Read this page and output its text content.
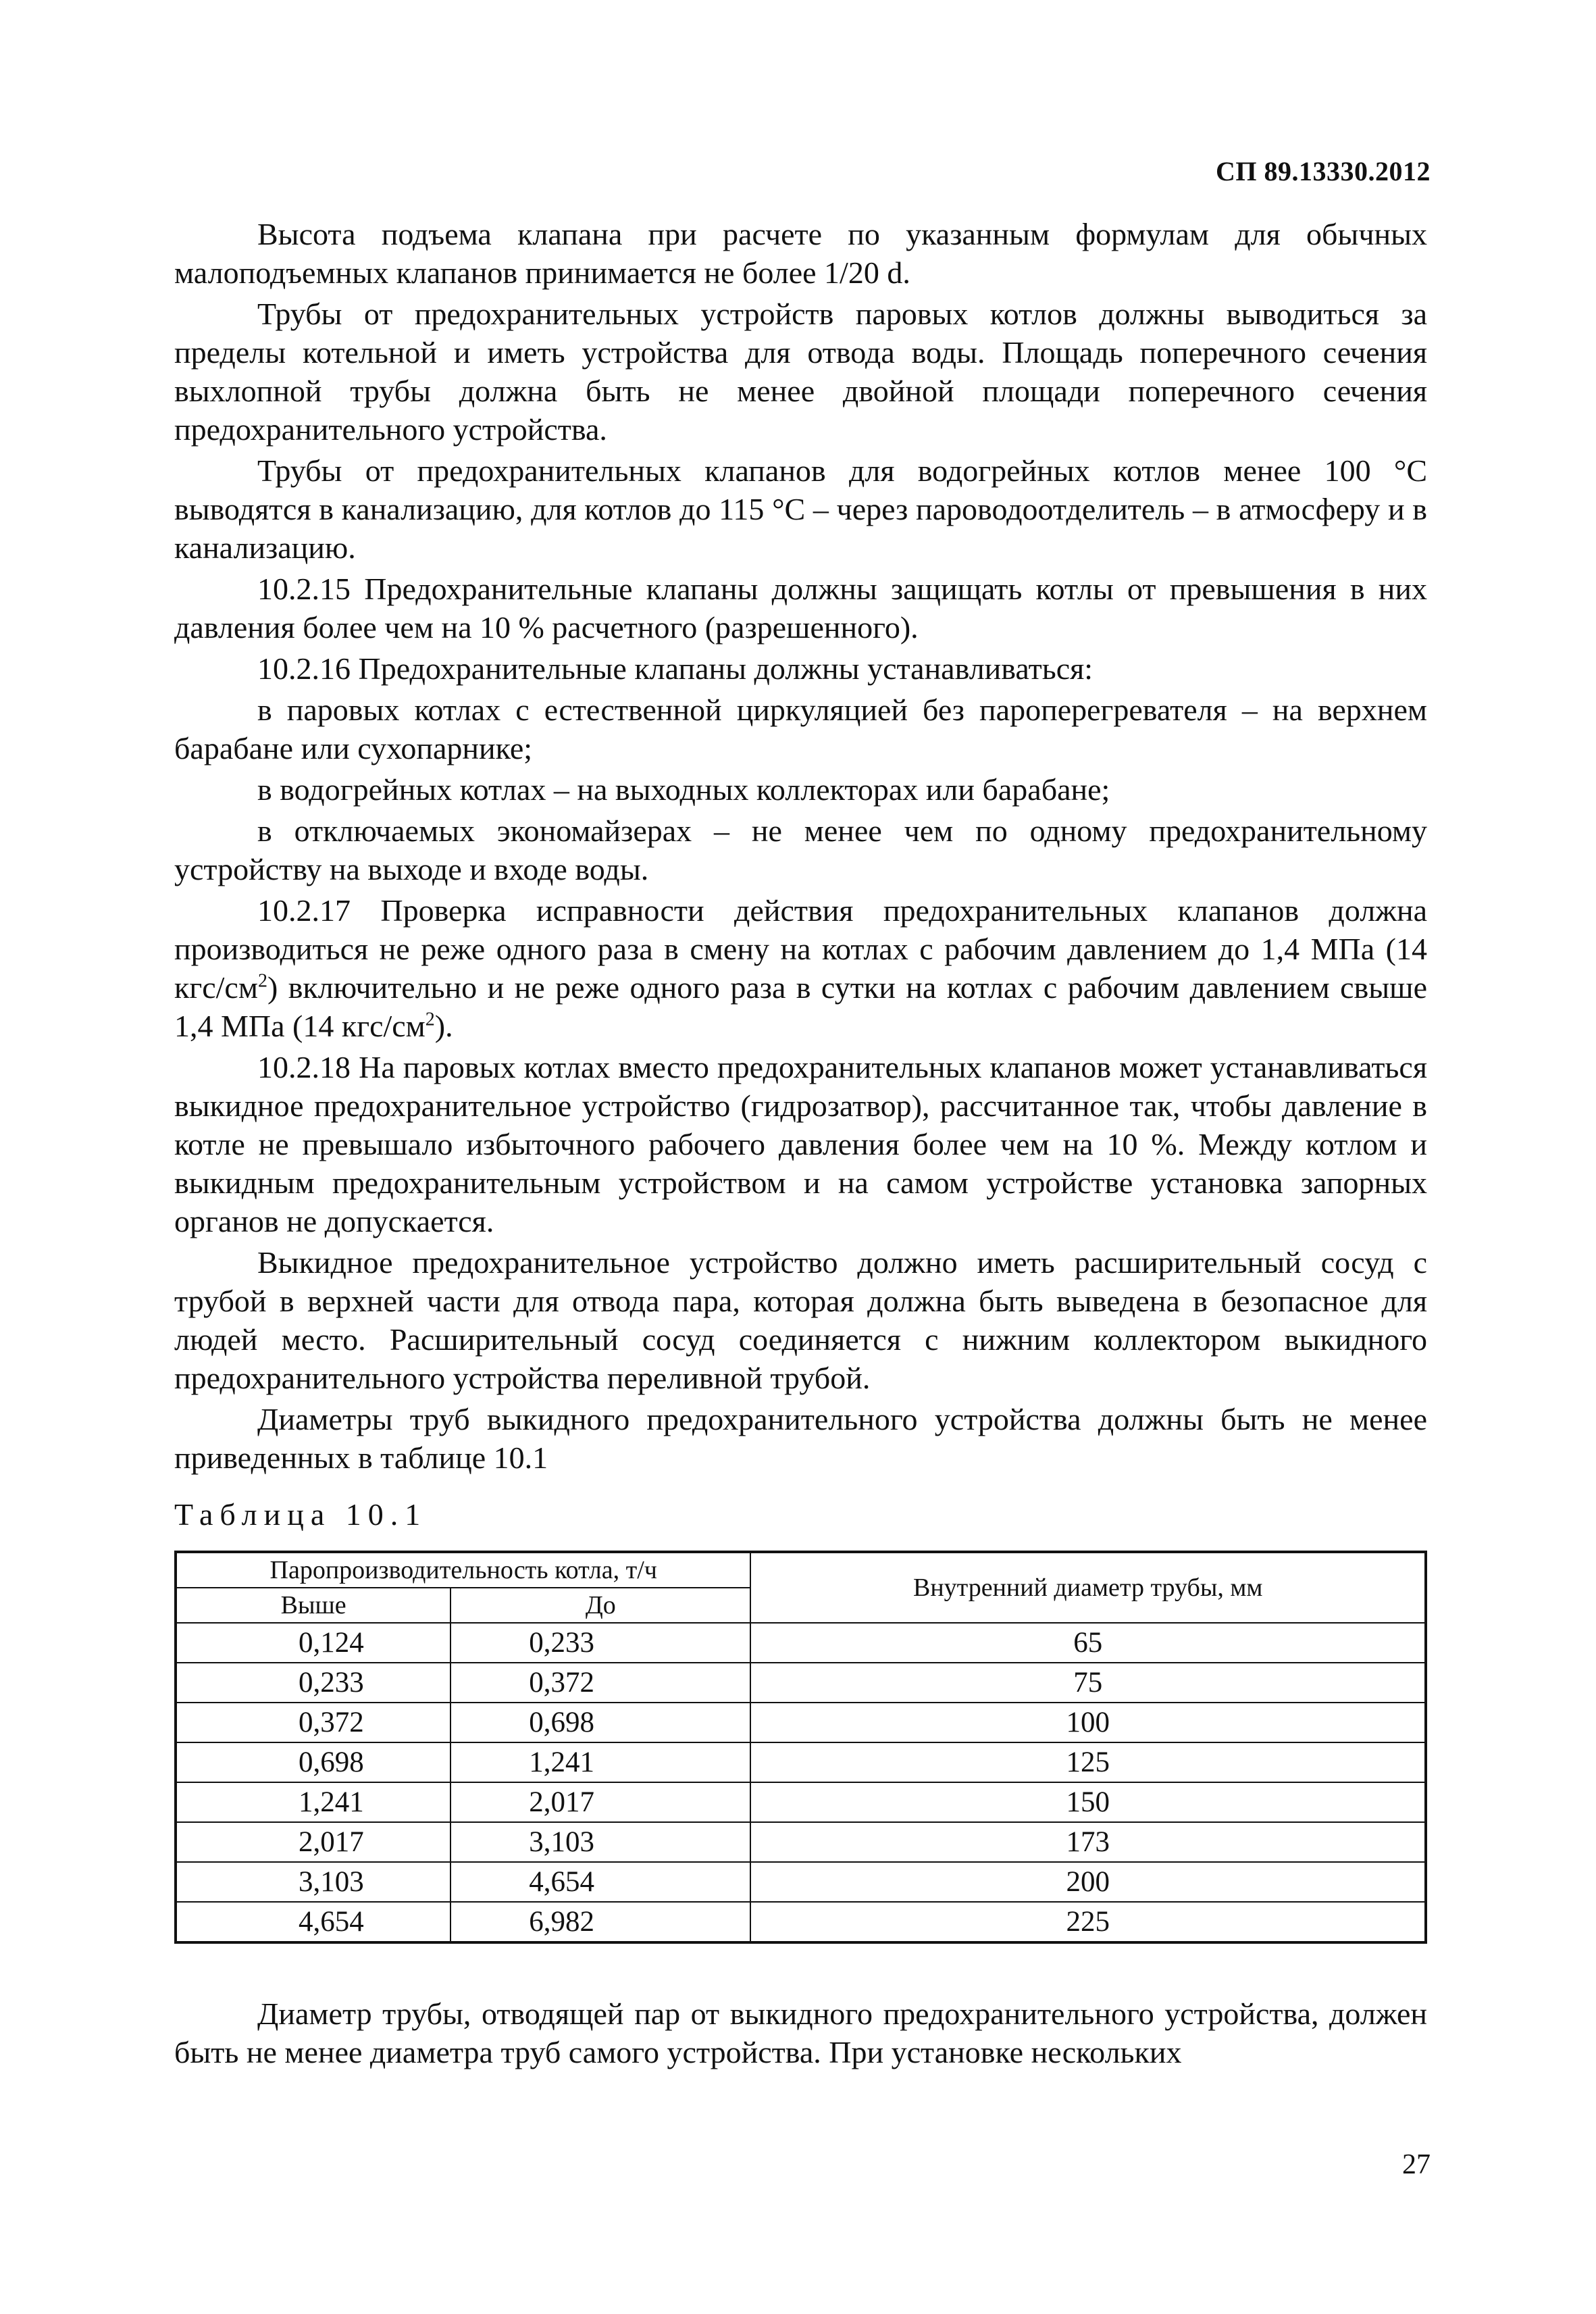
СП 89.13330.2012

Высота подъема клапана при расчете по указанным формулам для обычных малоподъемных клапанов принимается не более 1/20 d.

Трубы от предохранительных устройств паровых котлов должны выводиться за пределы котельной и иметь устройства для отвода воды. Площадь поперечного сечения выхлопной трубы должна быть не менее двойной площади поперечного сечения предохранительного устройства.

Трубы от предохранительных клапанов для водогрейных котлов менее 100 °С выводятся в канализацию, для котлов до 115 °С – через пароводоотделитель – в атмосферу и в канализацию.

10.2.15 Предохранительные клапаны должны защищать котлы от превышения в них давления более чем на 10 % расчетного (разрешенного).

10.2.16 Предохранительные клапаны должны устанавливаться:

в паровых котлах с естественной циркуляцией без пароперегревателя – на верхнем барабане или сухопарнике;

в водогрейных котлах – на выходных коллекторах или барабане;

в отключаемых экономайзерах – не менее чем по одному предохранительному устройству на выходе и входе воды.

10.2.17 Проверка исправности действия предохранительных клапанов должна производиться не реже одного раза в смену на котлах с рабочим давлением до 1,4 МПа (14 кгс/$см^2$) включительно и не реже одного раза в сутки на котлах с рабочим давлением свыше 1,4 МПа (14 кгс/$см^2$).

10.2.18 На паровых котлах вместо предохранительных клапанов может устанавливаться выкидное предохранительное устройство (гидрозатвор), рассчитанное так, чтобы давление в котле не превышало избыточного рабочего давления более чем на 10 %. Между котлом и выкидным предохранительным устройством и на самом устройстве установка запорных органов не допускается.

Выкидное предохранительное устройство должно иметь расширительный сосуд с трубой в верхней части для отвода пара, которая должна быть выведена в безопасное для людей место. Расширительный сосуд соединяется с нижним коллектором выкидного предохранительного устройства переливной трубой.

Диаметры труб выкидного предохранительного устройства должны быть не менее приведенных в таблице 10.1

Таблица 10.1
Паропроизводительность котла, т/ч		Внутренний диаметр трубы, мм
Выше	До	
0,124	0,233	65
0,233	0,372	75
0,372	0,698	100
0,698	1,241	125
1,241	2,017	150
2,017	3,103	173
3,103	4,654	200
4,654	6,982	225

Диаметр трубы, отводящей пар от выкидного предохранительного устройства, должен быть не менее диаметра труб самого устройства. При установке нескольких

27
